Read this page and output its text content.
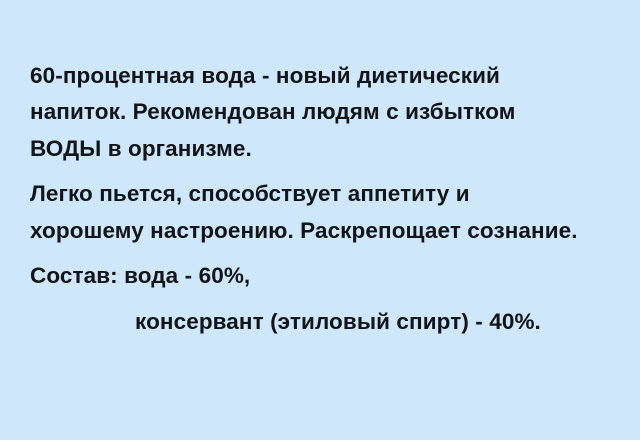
60-процентная вода - новый диетический
напиток. Рекомендован людям с избытком
ВОДЫ в организме.

Легко пьется, способствует аппетиту и
хорошему настроению. Раскрепощает сознание.

Состав: вода - 60%,

консервант (этиловый спирт) - 40%.
